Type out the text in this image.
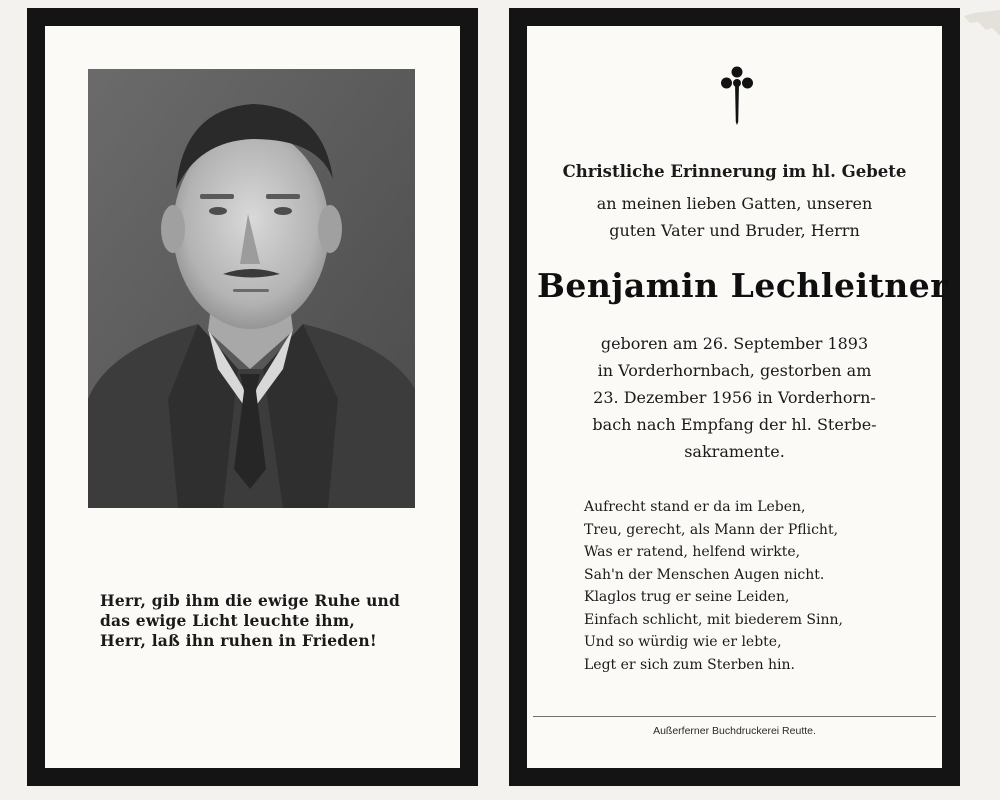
Herr, gib ihm die ewige Ruhe und
das ewige Licht leuchte ihm,
Herr, laß ihn ruhen in Frieden!
Christliche Erinnerung im hl. Gebete
an meinen lieben Gatten, unseren
guten Vater und Bruder, Herrn
Benjamin Lechleitner
geboren am 26. September 1893
in Vorderhornbach, gestorben am
23. Dezember 1956 in Vorderhorn-
bach nach Empfang der hl. Sterbe-
sakramente.
Aufrecht stand er da im Leben,
Treu, gerecht, als Mann der Pflicht,
Was er ratend, helfend wirkte,
Sah'n der Menschen Augen nicht.
Klaglos trug er seine Leiden,
Einfach schlicht, mit biederem Sinn,
Und so würdig wie er lebte,
Legt er sich zum Sterben hin.
Außerferner Buchdruckerei Reutte.
